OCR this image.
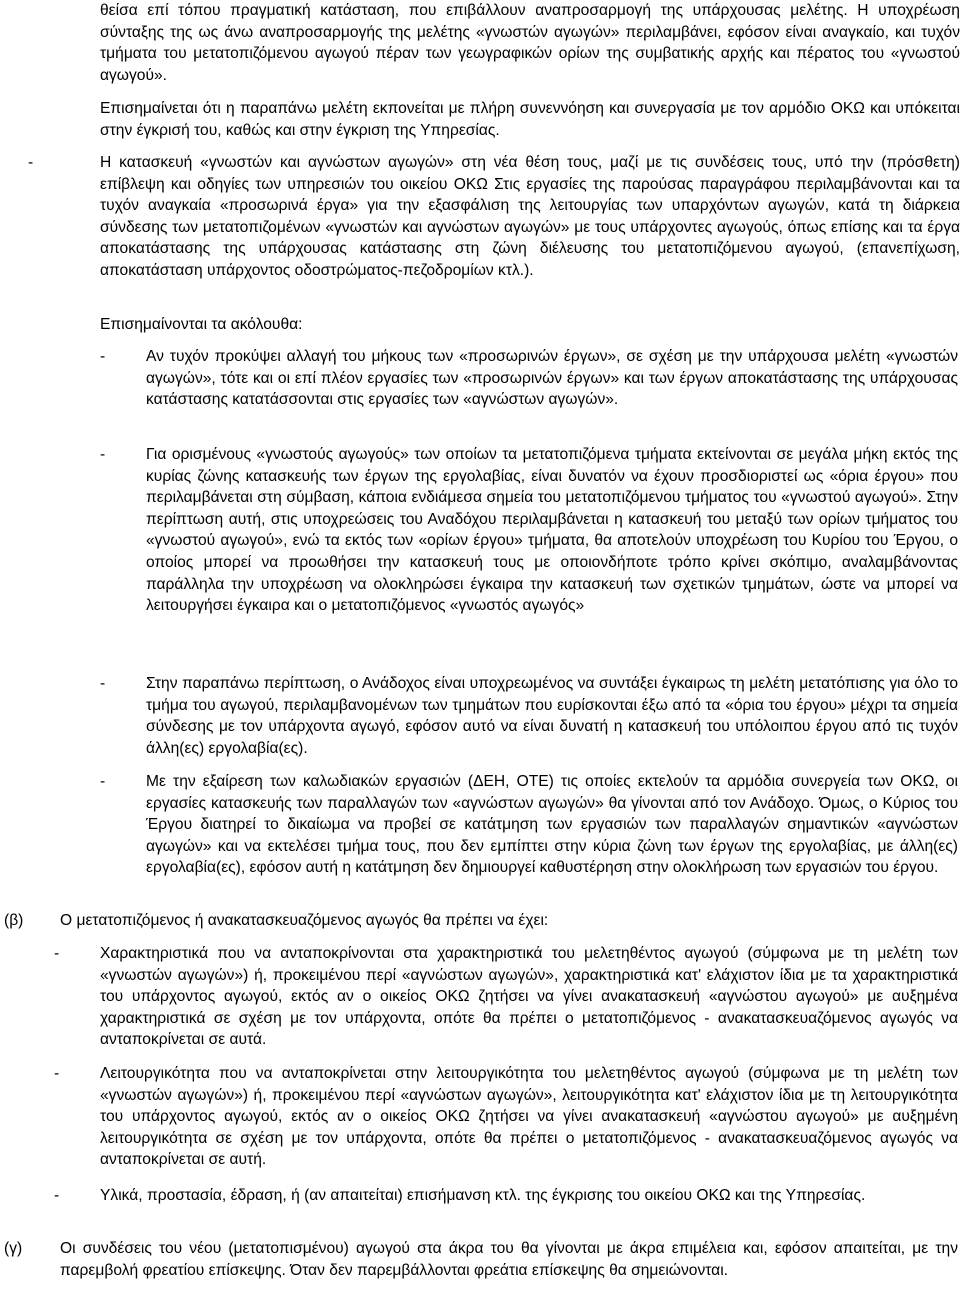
θείσα επί τόπου πραγματική κατάσταση, που επιβάλλουν αναπροσαρμογή της υπάρχουσας μελέτης. Η υποχρέωση σύνταξης της ως άνω αναπροσαρμογής της μελέτης «γνωστών αγωγών» περιλαμβάνει, εφόσον είναι αναγκαίο, και τυχόν τμήματα του μετατοπιζόμενου αγωγού πέραν των γεωγραφικών ορίων της συμβατικής αρχής και πέρατος του «γνωστού αγωγού».

Επισημαίνεται ότι η παραπάνω μελέτη εκπονείται με πλήρη συνεννόηση και συνεργασία με τον αρμόδιο ΟΚΩ και υπόκειται στην έγκρισή του, καθώς και στην έγκριση της Υπηρεσίας.

-	Η κατασκευή «γνωστών και αγνώστων αγωγών» στη νέα θέση τους, μαζί με τις συνδέσεις τους, υπό την (πρόσθετη) επίβλεψη και οδηγίες των υπηρεσιών του οικείου ΟΚΩ Στις εργασίες της παρούσας παραγράφου περιλαμβάνονται και τα τυχόν αναγκαία «προσωρινά έργα» για την εξασφάλιση της λειτουργίας των υπαρχόντων αγωγών, κατά τη διάρκεια σύνδεσης των μετατοπιζομένων «γνωστών και αγνώστων αγωγών» με τους υπάρχοντες αγωγούς, όπως επίσης και τα έργα αποκατάστασης της υπάρχουσας κατάστασης στη ζώνη διέλευσης του μετατοπιζόμενου αγωγού, (επανεπίχωση, αποκατάσταση υπάρχοντος οδοστρώματος-πεζοδρομίων κτλ.).

Επισημαίνονται τα ακόλουθα:

-	Αν τυχόν προκύψει αλλαγή του μήκους των «προσωρινών έργων», σε σχέση με την υπάρχουσα μελέτη «γνωστών αγωγών», τότε και οι επί πλέον εργασίες των «προσωρινών έργων» και των έργων αποκατάστασης της υπάρχουσας κατάστασης κατατάσσονται στις εργασίες των «αγνώστων αγωγών».

-	Για ορισμένους «γνωστούς αγωγούς» των οποίων τα μετατοπιζόμενα τμήματα εκτείνονται σε μεγάλα μήκη εκτός της κυρίας ζώνης κατασκευής των έργων της εργολαβίας, είναι δυνατόν να έχουν προσδιοριστεί ως «όρια έργου» που περιλαμβάνεται στη σύμβαση, κάποια ενδιάμεσα σημεία του μετατοπιζόμενου τμήματος του «γνωστού αγωγού». Στην περίπτωση αυτή, στις υποχρεώσεις του Αναδόχου περιλαμβάνεται η κατασκευή του μεταξύ των ορίων τμήματος του «γνωστού αγωγού», ενώ τα εκτός των «ορίων έργου» τμήματα, θα αποτελούν υποχρέωση του Κυρίου του Έργου, ο οποίος μπορεί να προωθήσει την κατασκευή τους με οποιονδήποτε τρόπο κρίνει σκόπιμο, αναλαμβάνοντας παράλληλα την υποχρέωση να ολοκληρώσει έγκαιρα την κατασκευή των σχετικών τμημάτων, ώστε να μπορεί να λειτουργήσει έγκαιρα και ο μετατοπιζόμενος «γνωστός αγωγός»

-	Στην παραπάνω περίπτωση, ο Ανάδοχος είναι υποχρεωμένος να συντάξει έγκαιρως τη μελέτη μετατόπισης για όλο το τμήμα του αγωγού, περιλαμβανομένων των τμημάτων που ευρίσκονται έξω από τα «όρια του έργου» μέχρι τα σημεία σύνδεσης με τον υπάρχοντα αγωγό, εφόσον αυτό να είναι δυνατή η κατασκευή του υπόλοιπου έργου από τις τυχόν άλλη(ες) εργολαβία(ες).

-	Με την εξαίρεση των καλωδιακών εργασιών (ΔΕΗ, ΟΤΕ) τις οποίες εκτελούν τα αρμόδια συνεργεία των ΟΚΩ, οι εργασίες κατασκευής των παραλλαγών των «αγνώστων αγωγών» θα γίνονται από τον Ανάδοχο. Όμως, ο Κύριος του Έργου διατηρεί το δικαίωμα να προβεί σε κατάτμηση των εργασιών των παραλλαγών σημαντικών «αγνώστων αγωγών» και να εκτελέσει τμήμα τους, που δεν εμπίπτει στην κύρια ζώνη των έργων της εργολαβίας, με άλλη(ες) εργολαβία(ες), εφόσον αυτή η κατάτμηση δεν δημιουργεί καθυστέρηση στην ολοκλήρωση των εργασιών του έργου.

(β) Ο μετατοπιζόμενος ή ανακατασκευαζόμενος αγωγός θα πρέπει να έχει:

-	Χαρακτηριστικά που να ανταποκρίνονται στα χαρακτηριστικά του μελετηθέντος αγωγού (σύμφωνα με τη μελέτη των «γνωστών αγωγών») ή, προκειμένου περί «αγνώστων αγωγών», χαρακτηριστικά κατ' ελάχιστον ίδια με τα χαρακτηριστικά του υπάρχοντος αγωγού, εκτός αν ο οικείος ΟΚΩ ζητήσει να γίνει ανακατασκευή «αγνώστου αγωγού» με αυξημένα χαρακτηριστικά σε σχέση με τον υπάρχοντα, οπότε θα πρέπει ο μετατοπιζόμενος - ανακατασκευαζόμενος αγωγός να ανταποκρίνεται σε αυτά.

-	Λειτουργικότητα που να ανταποκρίνεται στην λειτουργικότητα του μελετηθέντος αγωγού (σύμφωνα με τη μελέτη των «γνωστών αγωγών») ή, προκειμένου περί «αγνώστων αγωγών», λειτουργικότητα κατ' ελάχιστον ίδια με τη λειτουργικότητα του υπάρχοντος αγωγού, εκτός αν ο οικείος ΟΚΩ ζητήσει να γίνει ανακατασκευή «αγνώστου αγωγού» με αυξημένη λειτουργικότητα σε σχέση με τον υπάρχοντα, οπότε θα πρέπει ο μετατοπιζόμενος - ανακατασκευαζόμενος αγωγός να ανταποκρίνεται σε αυτή.

-	Υλικά, προστασία, έδραση, ή (αν απαιτείται) επισήμανση κτλ. της έγκρισης του οικείου ΟΚΩ και της Υπηρεσίας.

(γ) Οι συνδέσεις του νέου (μετατοπισμένου) αγωγού στα άκρα του θα γίνονται με άκρα επιμέλεια και, εφόσον απαιτείται, με την παρεμβολή φρεατίου επίσκεψης. Όταν δεν παρεμβάλλονται φρεάτια επίσκεψης θα σημειώνονται.
